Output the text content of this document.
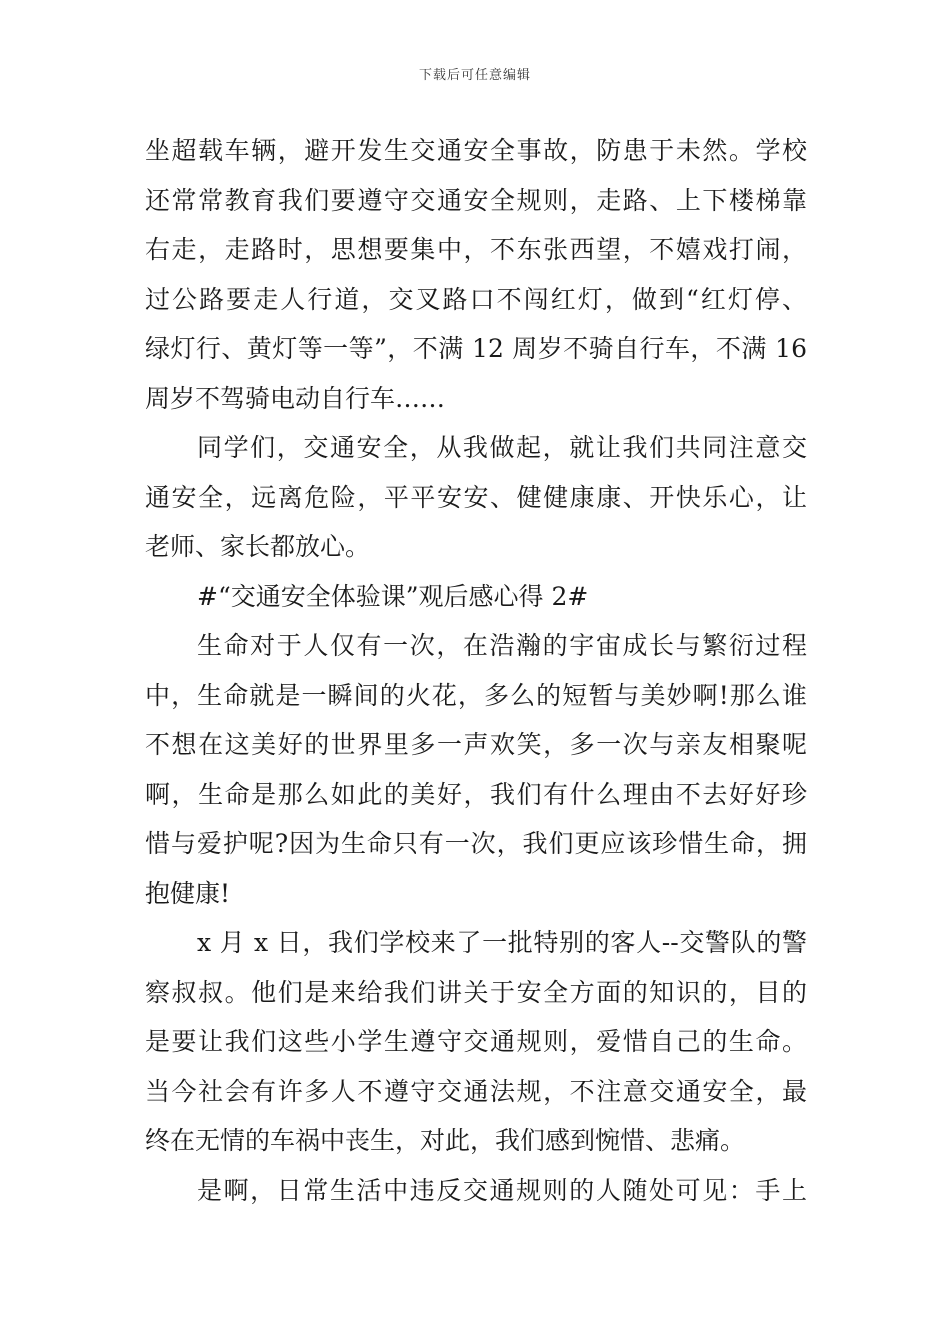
下载后可任意编辑
坐超载车辆，避开发生交通安全事故，防患于未然。学校
还常常教育我们要遵守交通安全规则，走路、上下楼梯靠
右走，走路时，思想要集中，不东张西望，不嬉戏打闹，
过公路要走人行道，交叉路口不闯红灯，做到“红灯停、
绿灯行、黄灯等一等”，不满 12 周岁不骑自行车，不满 16
周岁不驾骑电动自行车……
同学们，交通安全，从我做起，就让我们共同注意交
通安全，远离危险，平平安安、健健康康、开快乐心，让
老师、家长都放心。
#“交通安全体验课”观后感心得 2#
生命对于人仅有一次，在浩瀚的宇宙成长与繁衍过程
中，生命就是一瞬间的火花，多么的短暂与美妙啊!那么谁
不想在这美好的世界里多一声欢笑，多一次与亲友相聚呢
啊，生命是那么如此的美好，我们有什么理由不去好好珍
惜与爱护呢?因为生命只有一次，我们更应该珍惜生命，拥
抱健康!
x 月 x 日，我们学校来了一批特别的客人--交警队的警
察叔叔。他们是来给我们讲关于安全方面的知识的，目的
是要让我们这些小学生遵守交通规则，爱惜自己的生命。
当今社会有许多人不遵守交通法规，不注意交通安全，最
终在无情的车祸中丧生，对此，我们感到惋惜、悲痛。
是啊，日常生活中违反交通规则的人随处可见：手上
